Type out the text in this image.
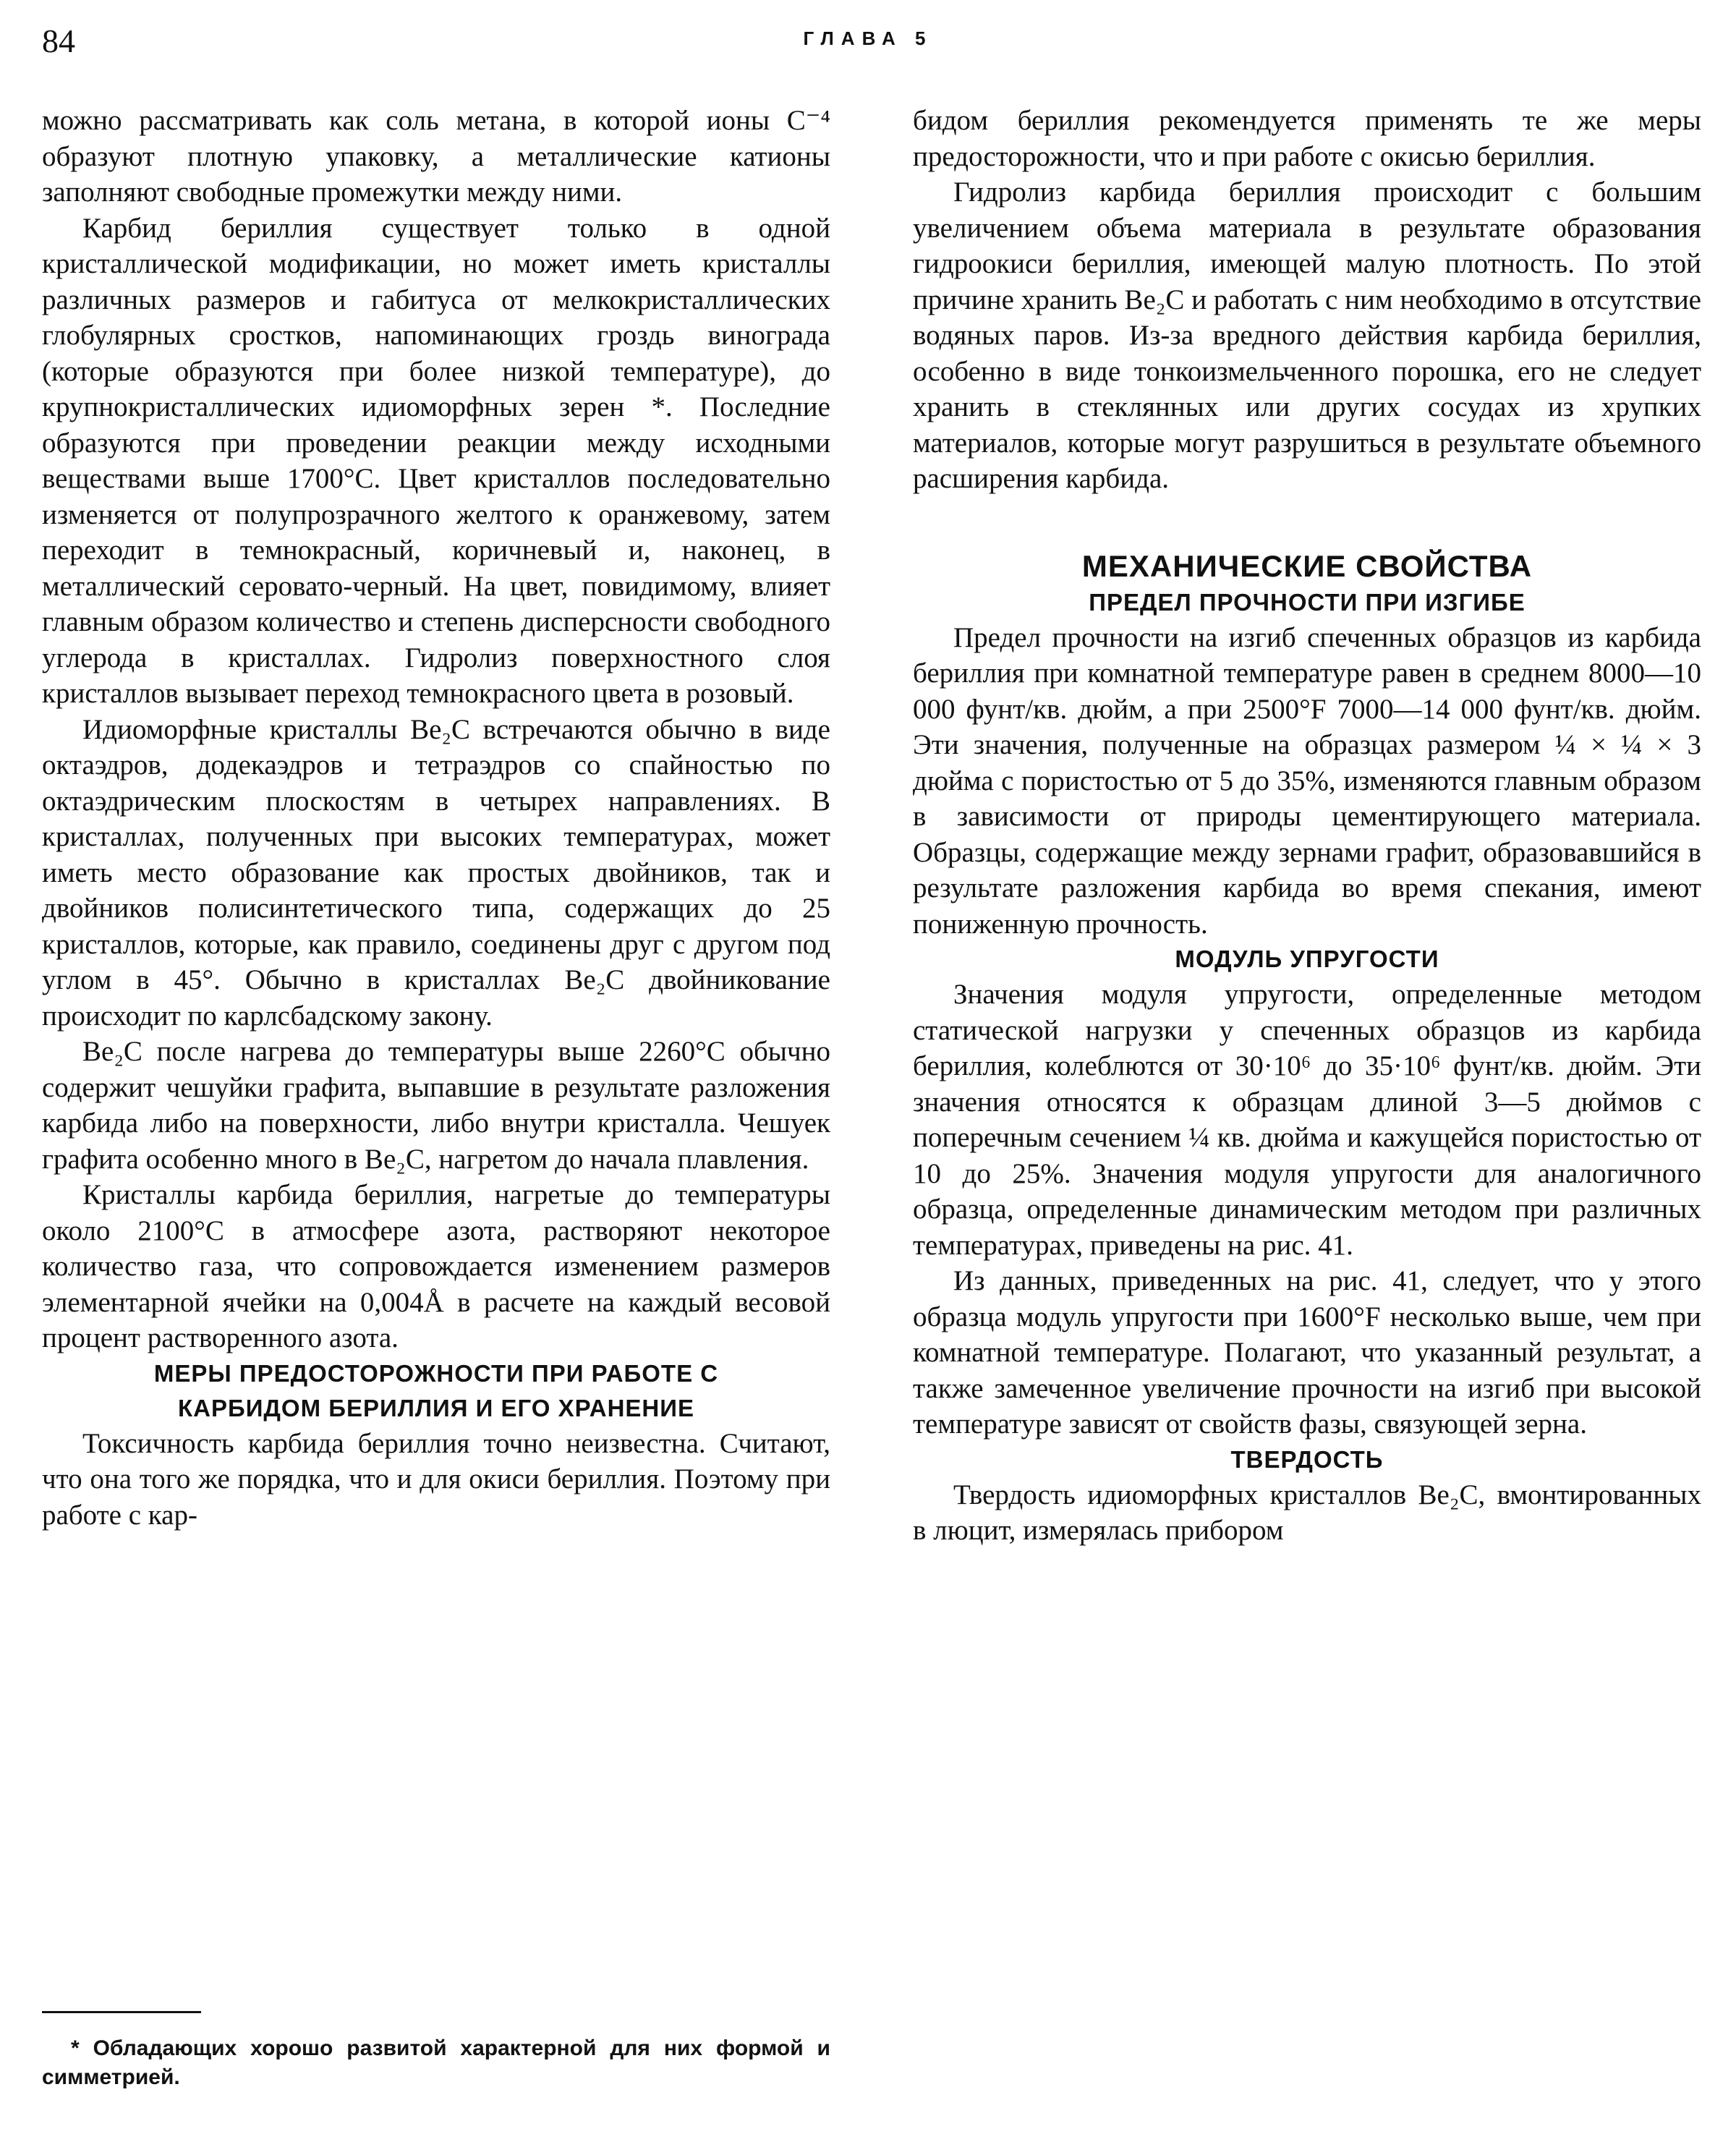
84	ГЛАВА 5

можно рассматривать как соль метана, в которой ионы C⁻⁴ образуют плотную упаковку, а металлические катионы заполняют свободные промежутки между ними.

Карбид бериллия существует только в одной кристаллической модификации, но может иметь кристаллы различных размеров и габитуса от мелкокристаллических глобулярных сростков, напоминающих гроздь винограда (которые образуются при более низкой температуре), до крупнокристаллических идиоморфных зерен *. Последние образуются при проведении реакции между исходными веществами выше 1700°C. Цвет кристаллов последовательно изменяется от полупрозрачного желтого к оранжевому, затем переходит в темнокрасный, коричневый и, наконец, в металлический серовато-черный. На цвет, повидимому, влияет главным образом количество и степень дисперсности свободного углерода в кристаллах. Гидролиз поверхностного слоя кристаллов вызывает переход темнокрасного цвета в розовый.

Идиоморфные кристаллы Be₂C встречаются обычно в виде октаэдров, додекаэдров и тетраэдров со спайностью по октаэдрическим плоскостям в четырех направлениях. В кристаллах, полученных при высоких температурах, может иметь место образование как простых двойников, так и двойников полисинтетического типа, содержащих до 25 кристаллов, которые, как правило, соединены друг с другом под углом в 45°. Обычно в кристаллах Be₂C двойникование происходит по карлсбадскому закону.

Be₂C после нагрева до температуры выше 2260°C обычно содержит чешуйки графита, выпавшие в результате разложения карбида либо на поверхности, либо внутри кристалла. Чешуек графита особенно много в Be₂C, нагретом до начала плавления.

Кристаллы карбида бериллия, нагретые до температуры около 2100°C в атмосфере азота, растворяют некоторое количество газа, что сопровождается изменением размеров элементарной ячейки на 0,004Å в расчете на каждый весовой процент растворенного азота.

МЕРЫ ПРЕДОСТОРОЖНОСТИ ПРИ РАБОТЕ С
КАРБИДОМ БЕРИЛЛИЯ И ЕГО ХРАНЕНИЕ

Токсичность карбида бериллия точно неизвестна. Считают, что она того же порядка, что и для окиси бериллия. Поэтому при работе с кар-

бидом бериллия рекомендуется применять те же меры предосторожности, что и при работе с окисью бериллия.

Гидролиз карбида бериллия происходит с большим увеличением объема материала в результате образования гидроокиси бериллия, имеющей малую плотность. По этой причине хранить Be₂C и работать с ним необходимо в отсутствие водяных паров. Из-за вредного действия карбида бериллия, особенно в виде тонкоизмельченного порошка, его не следует хранить в стеклянных или других сосудах из хрупких материалов, которые могут разрушиться в результате объемного расширения карбида.

МЕХАНИЧЕСКИЕ СВОЙСТВА
ПРЕДЕЛ ПРОЧНОСТИ ПРИ ИЗГИБЕ

Предел прочности на изгиб спеченных образцов из карбида бериллия при комнатной температуре равен в среднем 8000—10 000 фунт/кв. дюйм, а при 2500°F 7000—14 000 фунт/кв. дюйм. Эти значения, полученные на образцах размером ¼ × ¼ × 3 дюйма с пористостью от 5 до 35%, изменяются главным образом в зависимости от природы цементирующего материала. Образцы, содержащие между зернами графит, образовавшийся в результате разложения карбида во время спекания, имеют пониженную прочность.

МОДУЛЬ УПРУГОСТИ

Значения модуля упругости, определенные методом статической нагрузки у спеченных образцов из карбида бериллия, колеблются от 30·10⁶ до 35·10⁶ фунт/кв. дюйм. Эти значения относятся к образцам длиной 3—5 дюймов с поперечным сечением ¼ кв. дюйма и кажущейся пористостью от 10 до 25%. Значения модуля упругости для аналогичного образца, определенные динамическим методом при различных температурах, приведены на рис. 41.

Из данных, приведенных на рис. 41, следует, что у этого образца модуль упругости при 1600°F несколько выше, чем при комнатной температуре. Полагают, что указанный результат, а также замеченное увеличение прочности на изгиб при высокой температуре зависят от свойств фазы, связующей зерна.

ТВЕРДОСТЬ

Твердость идиоморфных кристаллов Be₂C, вмонтированных в люцит, измерялась прибором

* Обладающих хорошо развитой характерной для них формой и симметрией.
